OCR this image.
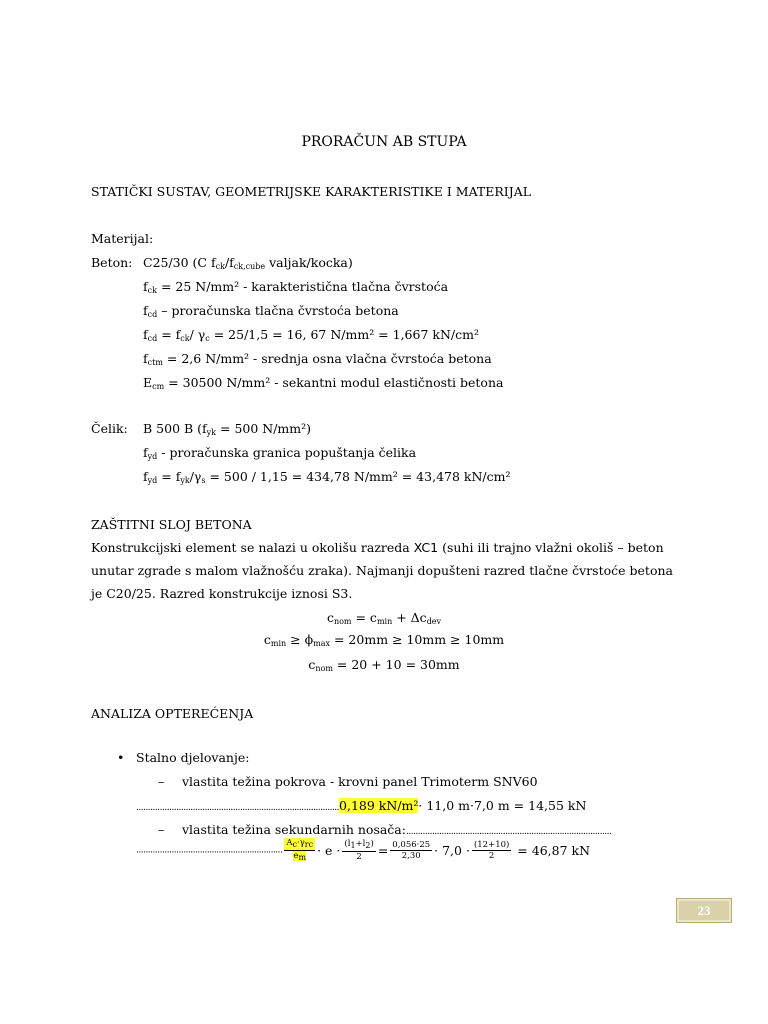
PRORAČUN AB STUPA
STATIČKI SUSTAV, GEOMETRIJSKE KARAKTERISTIKE I MATERIJAL
Materijal:
Beton: C25/30 (C $f_{ck}/f_{ck,cube}$ valjak/kocka)
$f_{ck} = 25$ N/mm² - karakteristična tlačna čvrstoća
$f_{cd}$ – proračunska tlačna čvrstoća betona
$f_{cd} = f_{ck}/$ $\gamma_c = 25/1,5 = 16$, 67 N/mm² = 1,667 kN/cm²
$f_{ctm} = 2,6$ N/mm² - srednja osna vlačna čvrstoća betona
$E_{cm} = 30500$ N/mm² - sekantni modul elastičnosti betona
Čelik: B 500 B ($f_{yk} = 500$ N/mm²)
$f_{yd}$ - proračunska granica popuštanja čelika
$f_{yd} = f_{yk}/\gamma_s = 500 / 1,15 = 434,78$ N/mm² = 43,478 kN/cm²
ZAŠTITNI SLOJ BETONA
Konstrukcijski element se nalazi u okolišu razreda XC1 (suhi ili trajno vlažni okoliš – beton
unutar zgrade s malom vlažnošću zraka). Najmanji dopušteni razred tlačne čvrstoće betona
je C20/25. Razred konstrukcije iznosi S3.
$c_{nom} = c_{min} + \Delta c_{dev}$
$c_{min} \ge \phi_{max} = 20mm \ge 10mm \ge 10mm$
$c_{nom} = 20 + 10 = 30mm$
ANALIZA OPTEREĆENJA
• Stalno djelovanje:
– vlastita težina pokrova - krovni panel Trimoterm SNV60
......................................................................................0,189 kN/m²· 11,0 m·7,0 m = 14,55 kN
– vlastita težina sekundarnih nosača:.......................................................................................
.............................................................. $\frac{A_c\cdot\gamma_{rc}}{e_m} \cdot e \cdot \frac{(l_1+l_2)}{2} = \frac{0,056\cdot 25}{2,30} \cdot 7,0 \cdot \frac{(12+10)}{2} = 46,87$ kN
23
